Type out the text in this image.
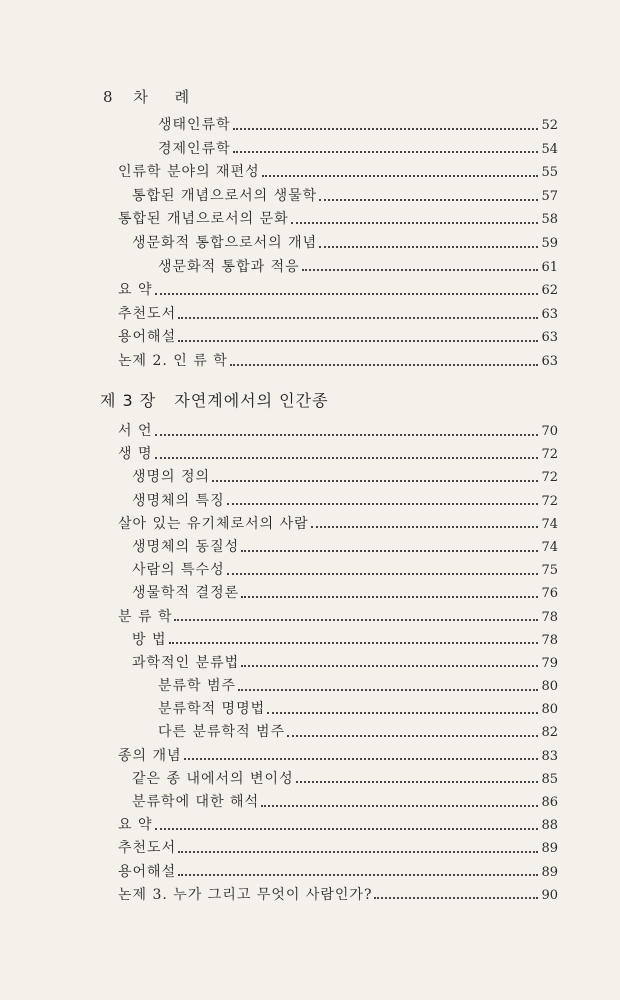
8 차 례
생태인류학	52
경제인류학	54
인류학 분야의 재편성	55
통합된 개념으로서의 생물학	57
통합된 개념으로서의 문화	58
생문화적 통합으로서의 개념	59
생문화적 통합과 적응	61
요 약	62
추천도서	63
용어해설	63
논제 2. 인 류 학	63
제 3 장 자연계에서의 인간종
서 언	70
생 명	72
생명의 정의	72
생명체의 특징	72
살아 있는 유기체로서의 사람	74
생명체의 동질성	74
사람의 특수성	75
생물학적 결정론	76
분 류 학	78
방 법	78
과학적인 분류법	79
분류학 범주	80
분류학적 명명법	80
다른 분류학적 범주	82
종의 개념	83
같은 종 내에서의 변이성	85
분류학에 대한 해석	86
요 약	88
추천도서	89
용어해설	89
논제 3. 누가 그리고 무엇이 사람인가?	90
